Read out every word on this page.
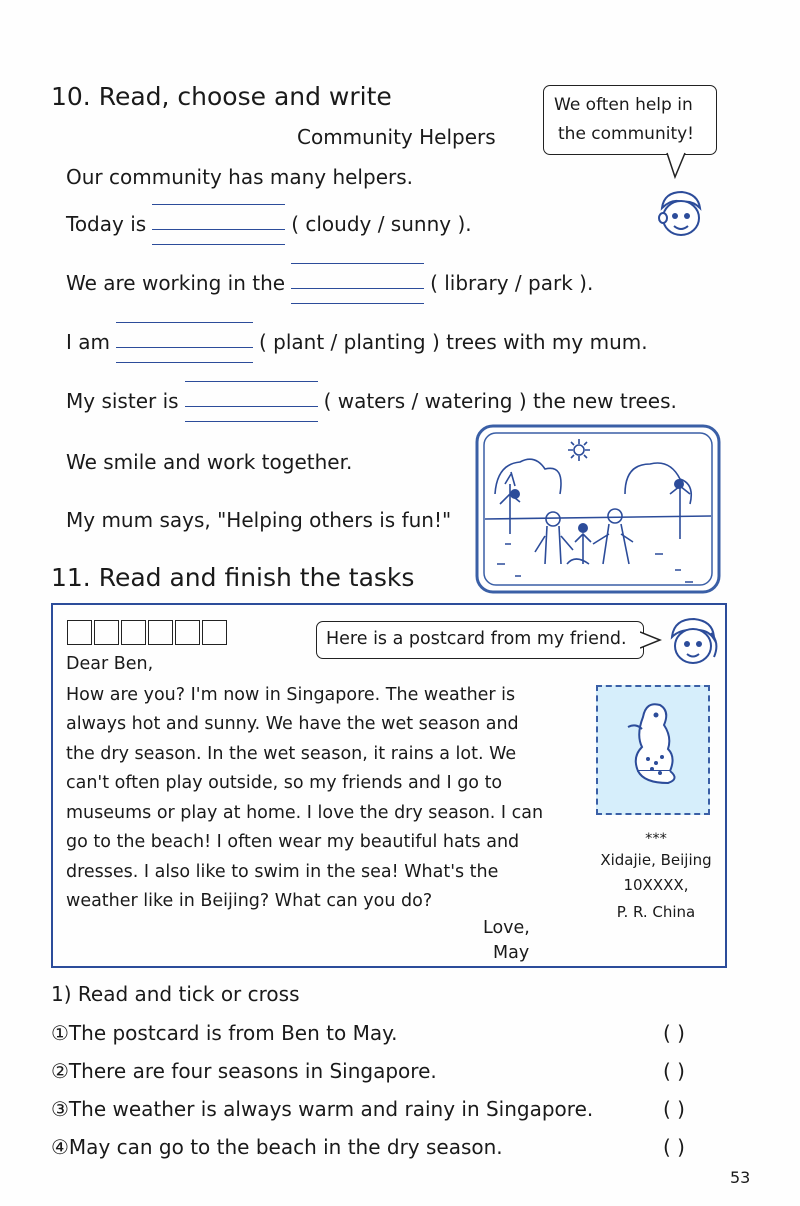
10. Read, choose and write	We often help in
the community!
Community Helpers
Our community has many helpers.
Today is	( cloudy / sunny ).
We are working in the	( library / park ).
I am	( plant / planting ) trees with my mum.
My sister is	( waters / watering ) the new trees.
We smile and work together.
My mum says, "Helping others is fun!"
11. Read and finish the tasks
Dear Ben,
How are you? I'm now in Singapore. The weather is
always hot and sunny. We have the wet season and
the dry season. In the wet season, it rains a lot. We
can't often play outside, so my friends and I go to
museums or play at home. I love the dry season. I can
go to the beach! I often wear my beautiful hats and
dresses. I also like to swim in the sea! What's the
weather like in Beijing? What can you do?
Love,
May
***
Xidajie, Beijing
10XXXX,
P. R. China
Here is a postcard from my friend.
1) Read and tick or cross
①The postcard is from Ben to May.	( )
②There are four seasons in Singapore.	( )
③The weather is always warm and rainy in Singapore.	( )
④May can go to the beach in the dry season.	( )
53
